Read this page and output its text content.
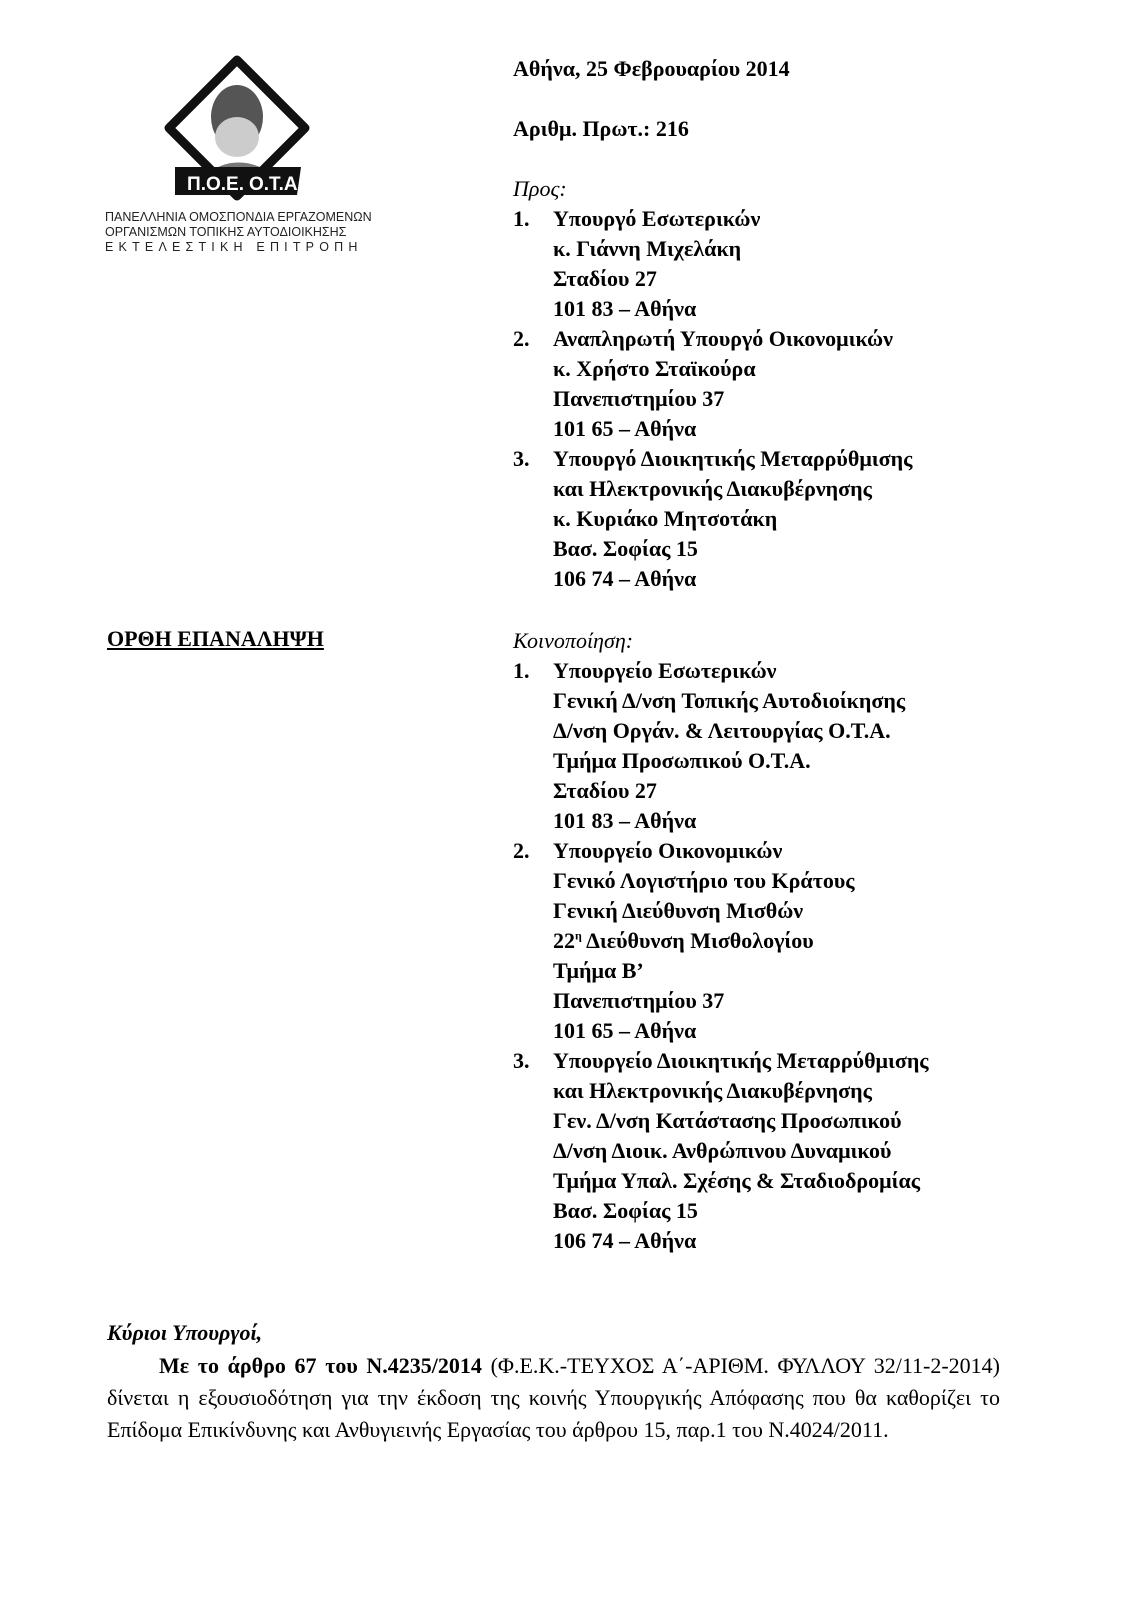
Π.Ο.Ε. Ο.Τ.Α.
ΠΑΝΕΛΛΗΝΙΑ ΟΜΟΣΠΟΝΔΙΑ ΕΡΓΑΖΟΜΕΝΩΝ
ΟΡΓΑΝΙΣΜΩΝ ΤΟΠΙΚΗΣ ΑΥΤΟΔΙΟΙΚΗΣΗΣ
ΕΚΤΕΛΕΣΤΙΚΗ ΕΠΙΤΡΟΠΗ
Αθήνα, 25 Φεβρουαρίου 2014
Αριθμ. Πρωτ.: 216
Προς:
1.	Υπουργό Εσωτερικών
κ. Γιάννη Μιχελάκη
Σταδίου 27
101 83 – Αθήνα
2.	Αναπληρωτή Υπουργό Οικονομικών
κ. Χρήστο Σταϊκούρα
Πανεπιστημίου 37
101 65 – Αθήνα
3.	Υπουργό Διοικητικής Μεταρρύθμισης
και Ηλεκτρονικής Διακυβέρνησης
κ. Κυριάκο Μητσοτάκη
Βασ. Σοφίας 15
106 74 – Αθήνα
Κοινοποίηση:
1.	Υπουργείο Εσωτερικών
Γενική Δ/νση Τοπικής Αυτοδιοίκησης
Δ/νση Οργάν. & Λειτουργίας Ο.Τ.Α.
Τμήμα Προσωπικού Ο.Τ.Α.
Σταδίου 27
101 83 – Αθήνα
2.	Υπουργείο Οικονομικών
Γενικό Λογιστήριο του Κράτους
Γενική Διεύθυνση Μισθών
$22^\eta$ Διεύθυνση Μισθολογίου
Τμήμα Β’
Πανεπιστημίου 37
101 65 – Αθήνα
3.	Υπουργείο Διοικητικής Μεταρρύθμισης
και Ηλεκτρονικής Διακυβέρνησης
Γεν. Δ/νση Κατάστασης Προσωπικού
Δ/νση Διοικ. Ανθρώπινου Δυναμικού
Τμήμα Υπαλ. Σχέσης & Σταδιοδρομίας
Βασ. Σοφίας 15
106 74 – Αθήνα
ΟΡΘΗ ΕΠΑΝΑΛΗΨΗ
Κύριοι Υπουργοί,

Με το άρθρο 67 του Ν.4235/2014 (Φ.Ε.Κ.-ΤΕΥΧΟΣ Α΄-ΑΡΙΘΜ. ΦΥΛΛΟΥ 32/11-2-2014) δίνεται η εξουσιοδότηση για την έκδοση της κοινής Υπουργικής Απόφασης που θα καθορίζει το Επίδομα Επικίνδυνης και Ανθυγιεινής Εργασίας του άρθρου 15, παρ.1 του Ν.4024/2011.
